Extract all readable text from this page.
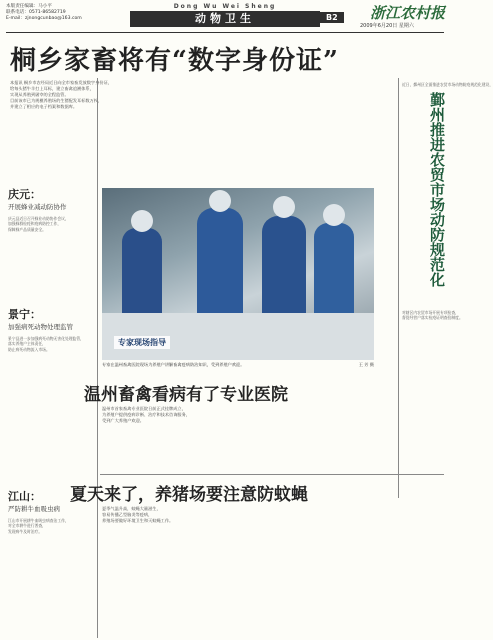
本版责任编辑：马小平
联系电话：0571-86582719
E-mail：zjnongcunbao@163.com
Dong Wu Wei Sheng
动物卫生	B2	浙江农村报
2009年6月20日 星期六
桐乡家畜将有“数字身份证”
本报讯 桐乡市农经局近日向全市家畜发放数字身份证，
给每头猪牛羊打上耳标，建立畜禽追溯体系，
实现从养殖到屠宰的全程监管。
目前该市已为规模养殖场的生猪配发耳标数万枚，
并建立了相应的电子档案和数据库。
庆元：
开展蜂业减动防协作
庆元县近日召开蜂业动防协作会议，
加强蜂群检疫和疫病防控工作，
保障蜂产品质量安全。
景宁：
加强病死动物处理监管
景宁县进一步加强病死动物无害化处理监管，
落实养殖户主体责任，
防止病死动物流入市场。
江山：
严防耕牛血吸虫病
江山市开展耕牛血吸虫病查治工作，
对全市耕牛进行普查，
发现病牛及时治疗。
专家现场指导
专家在温州畜禽医院现场为养殖户讲解畜禽疫病防治知识，受到养殖户欢迎。	王 芳 摄
近日，鄞州区全面推进农贸市场动物防疫规范化建设，
鄞州推进农贸市场动防规范化
对辖区内农贸市场开展专项检查，
督促经营户落实检疫证明查验制度。
温州畜禽看病有了专业医院
温州市首家畜禽专业医院日前正式挂牌成立，
为养殖户提供疫病诊断、治疗和技术咨询服务，
受到广大养殖户欢迎。
夏天来了，养猪场要注意防蚊蝇
夏季气温升高，蚊蝇大量滋生，
容易传播乙型脑炎等疫病，
养殖场要做好环境卫生和灭蚊蝇工作。
